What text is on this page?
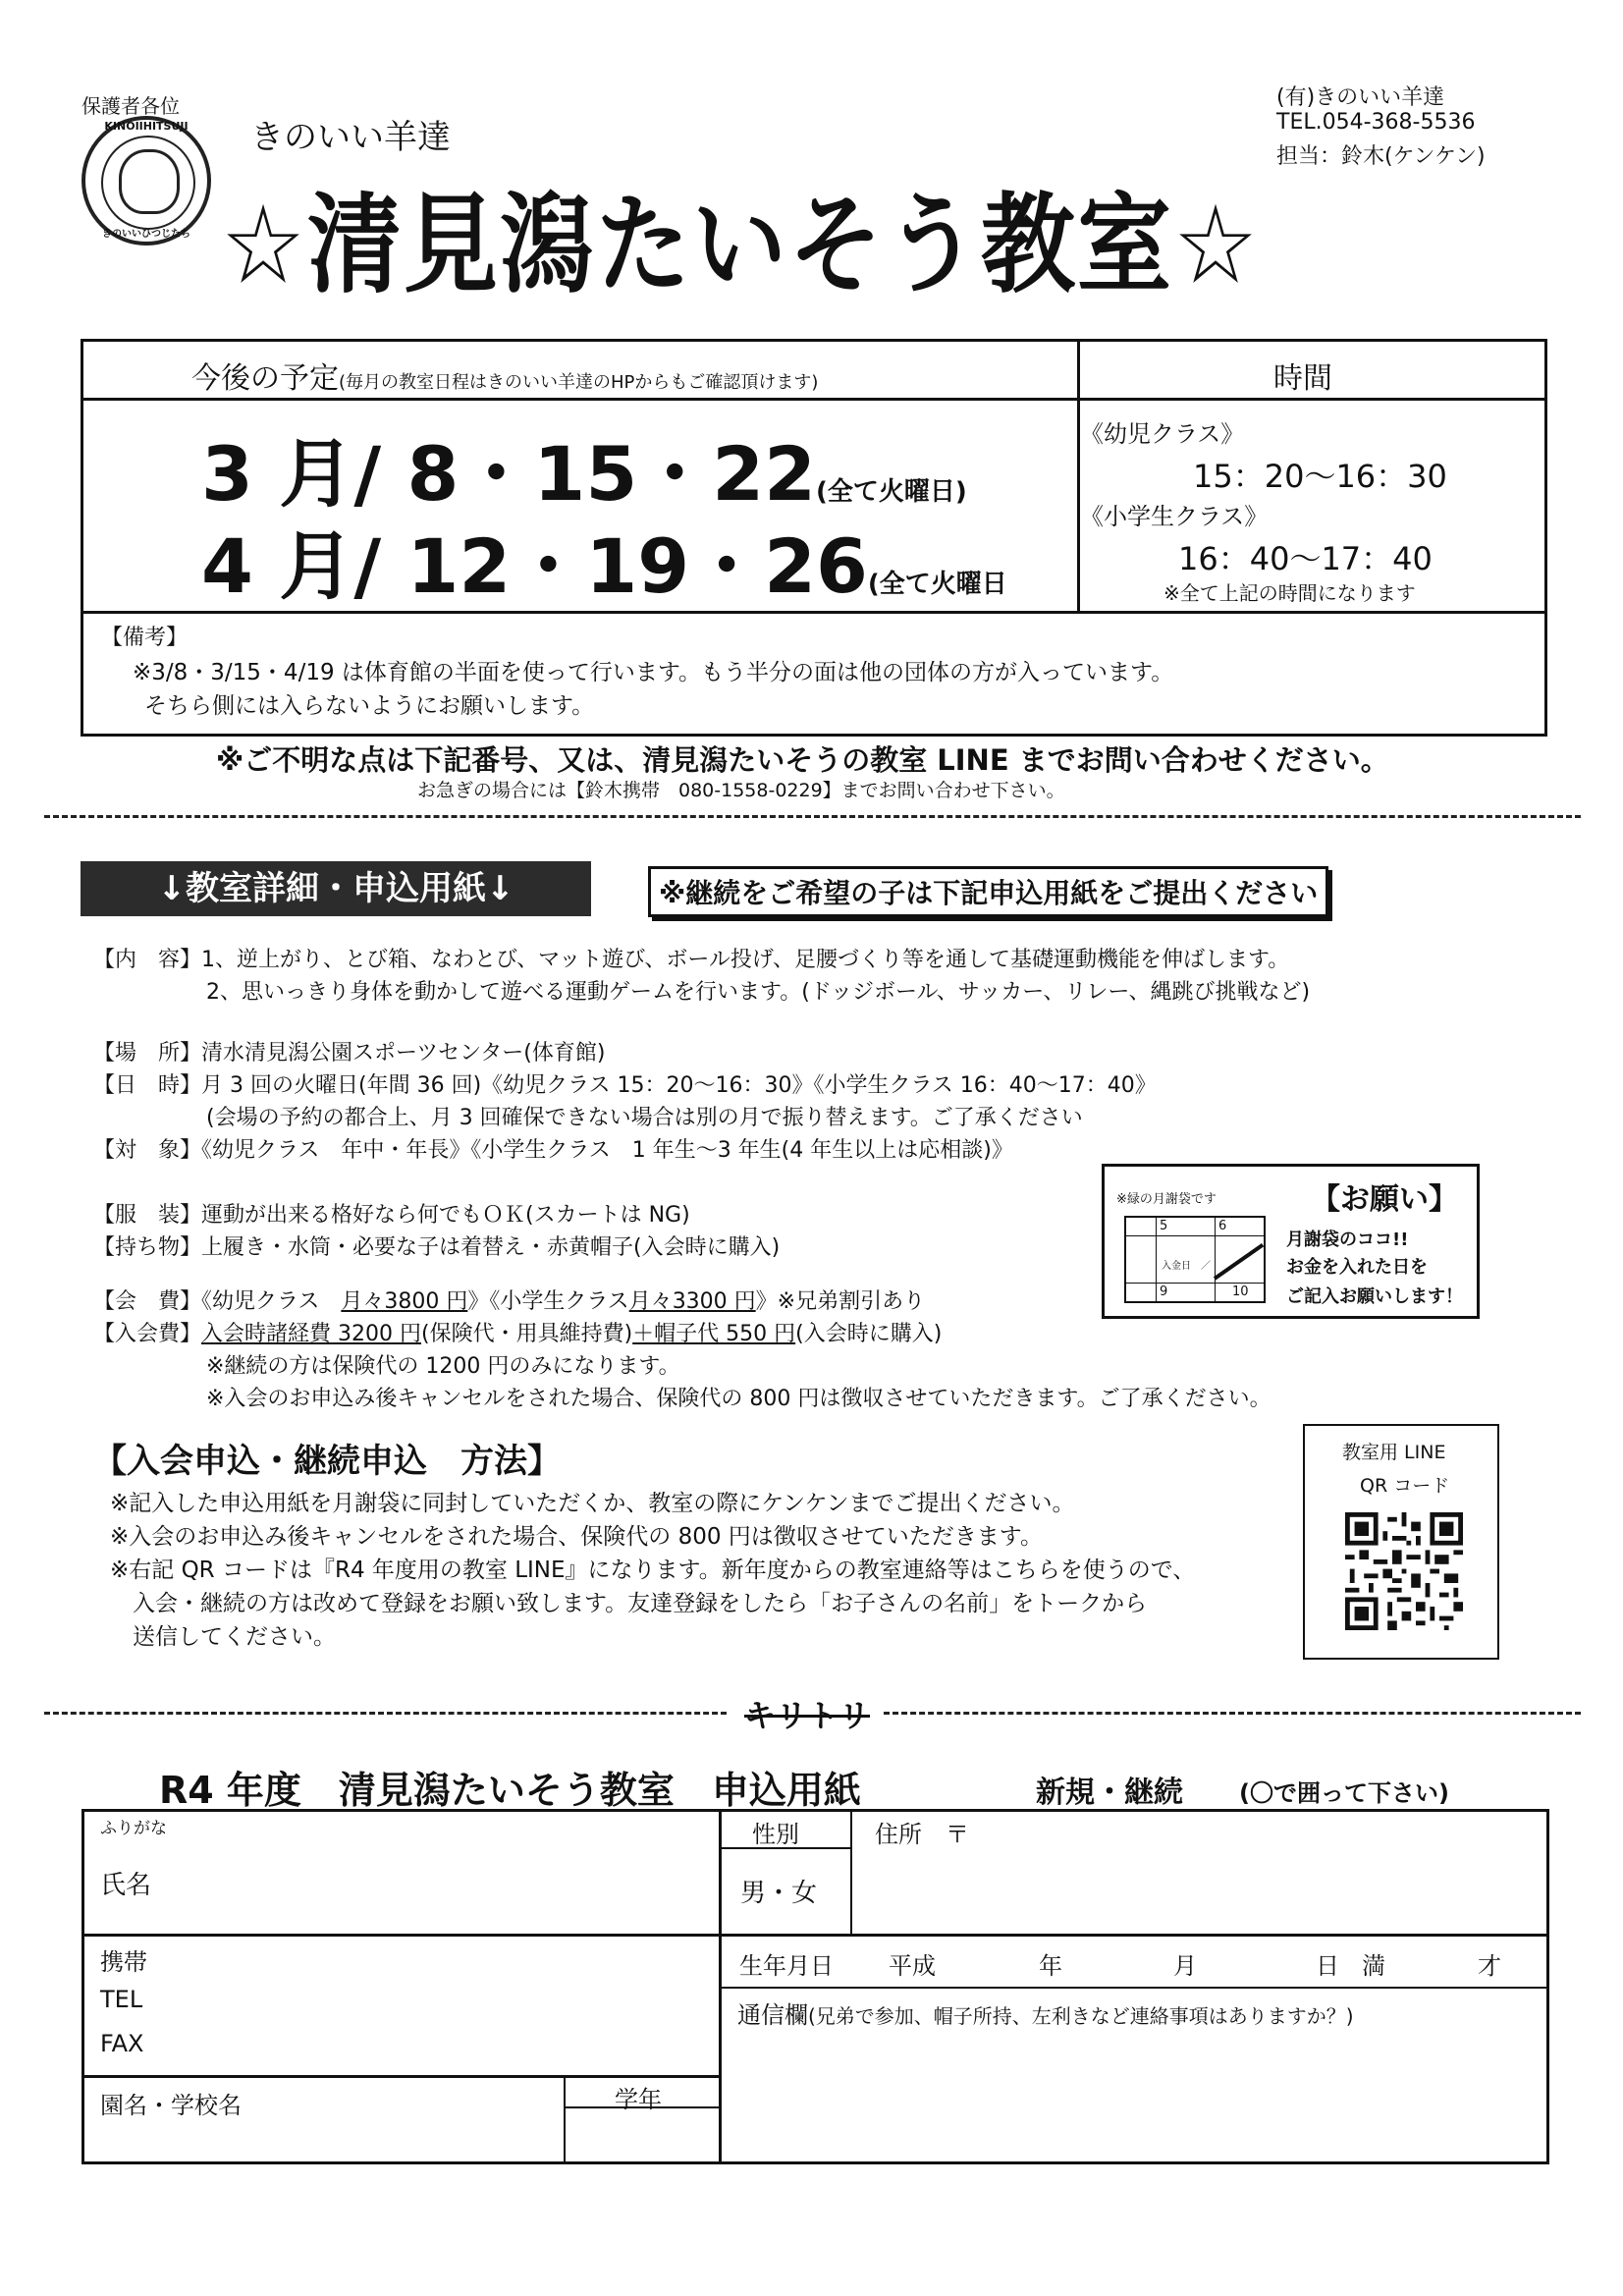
保護者各位
KINOIIHITSUJI
きのいいひつじたち
きのいい羊達
☆清見潟たいそう教室☆
(有)きのいい羊達
TEL.054-368-5536
担当：鈴木(ケンケン)
今後の予定(毎月の教室日程はきのいい羊達のHPからもご確認頂けます)	時間
3 月/ 8・15・22(全て火曜日)
4 月/ 12・19・26(全て火曜日
《幼児クラス》
15：20～16：30
《小学生クラス》
16：40～17：40
※全て上記の時間になります
【備考】
※3/8・3/15・4/19 は体育館の半面を使って行います。もう半分の面は他の団体の方が入っています。
そちら側には入らないようにお願いします。
※ご不明な点は下記番号、又は、清見潟たいそうの教室 LINE までお問い合わせください。
お急ぎの場合には【鈴木携帯　080-1558-0229】までお問い合わせ下さい。
↓教室詳細・申込用紙↓	※継続をご希望の子は下記申込用紙をご提出ください
【内　容】1、逆上がり、とび箱、なわとび、マット遊び、ボール投げ、足腰づくり等を通して基礎運動機能を伸ばします。
2、思いっきり身体を動かして遊べる運動ゲームを行います。(ドッジボール、サッカー、リレー、縄跳び挑戦など)
【場　所】清水清見潟公園スポーツセンター(体育館)
【日　時】月 3 回の火曜日(年間 36 回)《幼児クラス 15：20～16：30》《小学生クラス 16：40～17：40》
(会場の予約の都合上、月 3 回確保できない場合は別の月で振り替えます。ご了承ください
【対　象】《幼児クラス　年中・年長》《小学生クラス　1 年生～3 年生(4 年生以上は応相談)》
【服　装】運動が出来る格好なら何でもＯＫ(スカートは NG)
【持ち物】上履き・水筒・必要な子は着替え・赤黄帽子(入会時に購入)
【会　費】《幼児クラス　月々3800 円》《小学生クラス月々3300 円》※兄弟割引あり
【入会費】入会時諸経費 3200 円(保険代・用具維持費)＋帽子代 550 円(入会時に購入)
※継続の方は保険代の 1200 円のみになります。
※入会のお申込み後キャンセルをされた場合、保険代の 800 円は徴収させていただきます。ご了承ください。
※緑の月謝袋です
5	6
9	10
入金日　／
【お願い】
月謝袋のココ!!
お金を入れた日を
ご記入お願いします！
【入会申込・継続申込　方法】
※記入した申込用紙を月謝袋に同封していただくか、教室の際にケンケンまでご提出ください。
※入会のお申込み後キャンセルをされた場合、保険代の 800 円は徴収させていただきます。
※右記 QR コードは『R4 年度用の教室 LINE』になります。新年度からの教室連絡等はこちらを使うので、
入会・継続の方は改めて登録をお願い致します。友達登録をしたら「お子さんの名前」をトークから
送信してください。
教室用 LINE
QR コード
キリトリ
R4 年度　清見潟たいそう教室　申込用紙	新規・継続 (〇で囲って下さい)
ふりがな
氏名
性別
男・女
住所　〒
携帯
TEL
FAX
生年月日 平成	年	月	日 満	才
通信欄(兄弟で参加、帽子所持、左利きなど連絡事項はありますか？)
園名・学校名	学年
